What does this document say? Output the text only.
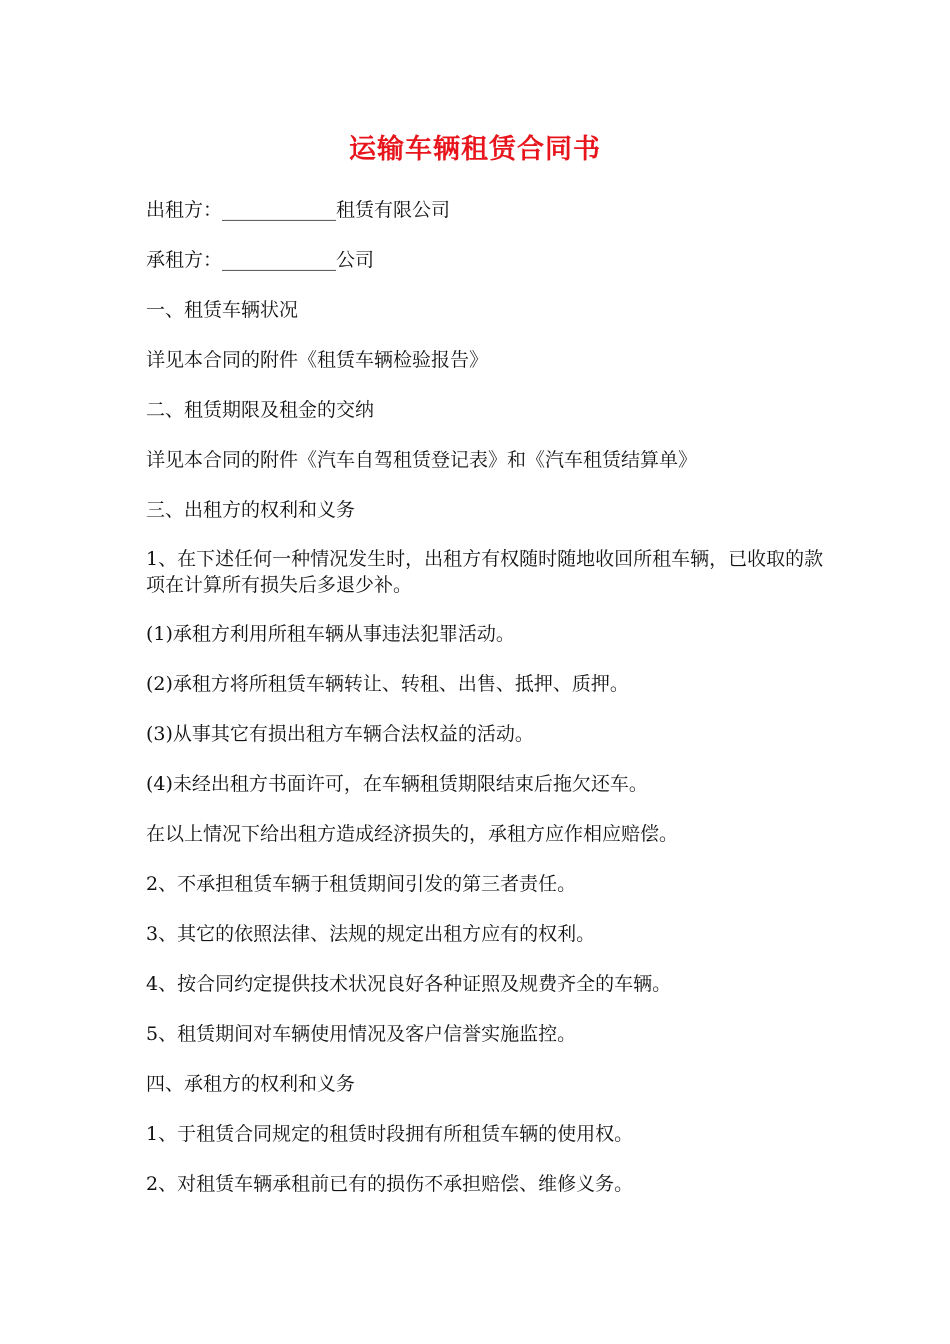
运输车辆租赁合同书

出租方：____________租赁有限公司

承租方：____________公司

一、租赁车辆状况

详见本合同的附件《租赁车辆检验报告》

二、租赁期限及租金的交纳

详见本合同的附件《汽车自驾租赁登记表》和《汽车租赁结算单》

三、出租方的权利和义务

1、在下述任何一种情况发生时，出租方有权随时随地收回所租车辆，已收取的款项在计算所有损失后多退少补。

(1)承租方利用所租车辆从事违法犯罪活动。

(2)承租方将所租赁车辆转让、转租、出售、抵押、质押。

(3)从事其它有损出租方车辆合法权益的活动。

(4)未经出租方书面许可，在车辆租赁期限结束后拖欠还车。

在以上情况下给出租方造成经济损失的，承租方应作相应赔偿。

2、不承担租赁车辆于租赁期间引发的第三者责任。

3、其它的依照法律、法规的规定出租方应有的权利。

4、按合同约定提供技术状况良好各种证照及规费齐全的车辆。

5、租赁期间对车辆使用情况及客户信誉实施监控。

四、承租方的权利和义务

1、于租赁合同规定的租赁时段拥有所租赁车辆的使用权。

2、对租赁车辆承租前已有的损伤不承担赔偿、维修义务。
